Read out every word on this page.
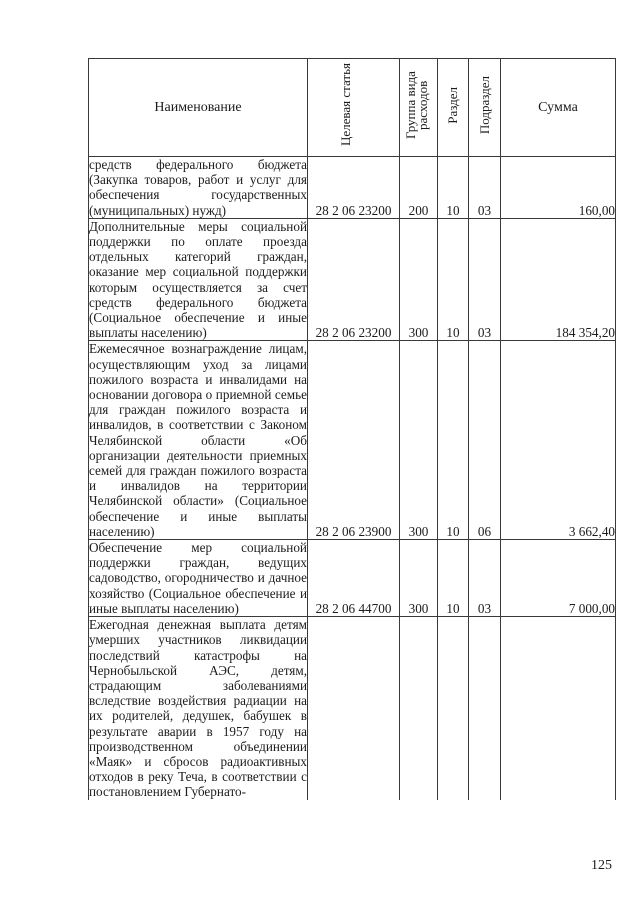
Наименование	Целевая статья	Группа вида расходов	Раздел	Подраздел	Сумма
средств федерального бюджета (Закупка товаров, работ и услуг для обеспечения государственных (муниципальных) нужд)	28 2 06 23200	200	10	03	160,00
Дополнительные меры социальной поддержки по оплате проезда отдельных категорий граждан, оказание мер социальной поддержки которым осуществляется за счет средств федерального бюджета (Социальное обеспечение и иные выплаты населению)	28 2 06 23200	300	10	03	184 354,20
Ежемесячное вознаграждение лицам, осуществляющим уход за лицами пожилого возраста и инвалидами на основании договора о приемной семье для граждан пожилого возраста и инвалидов, в соответствии с Законом Челябинской области «Об организации деятельности приемных семей для граждан пожилого возраста и инвалидов на территории Челябинской области» (Социальное обеспечение и иные выплаты населению)	28 2 06 23900	300	10	06	3 662,40
Обеспечение мер социальной поддержки граждан, ведущих садоводство, огородничество и дачное хозяйство (Социальное обеспечение и иные выплаты населению)	28 2 06 44700	300	10	03	7 000,00
Ежегодная денежная выплата детям умерших участников ликвидации последствий катастрофы на Чернобыльской АЭС, детям, страдающим заболеваниями вследствие воздействия радиации на их родителей, дедушек, бабушек в результате аварии в 1957 году на производственном объединении «Маяк» и сбросов радиоактивных отходов в реку Теча, в соответствии с постановлением Губернато-					
125
